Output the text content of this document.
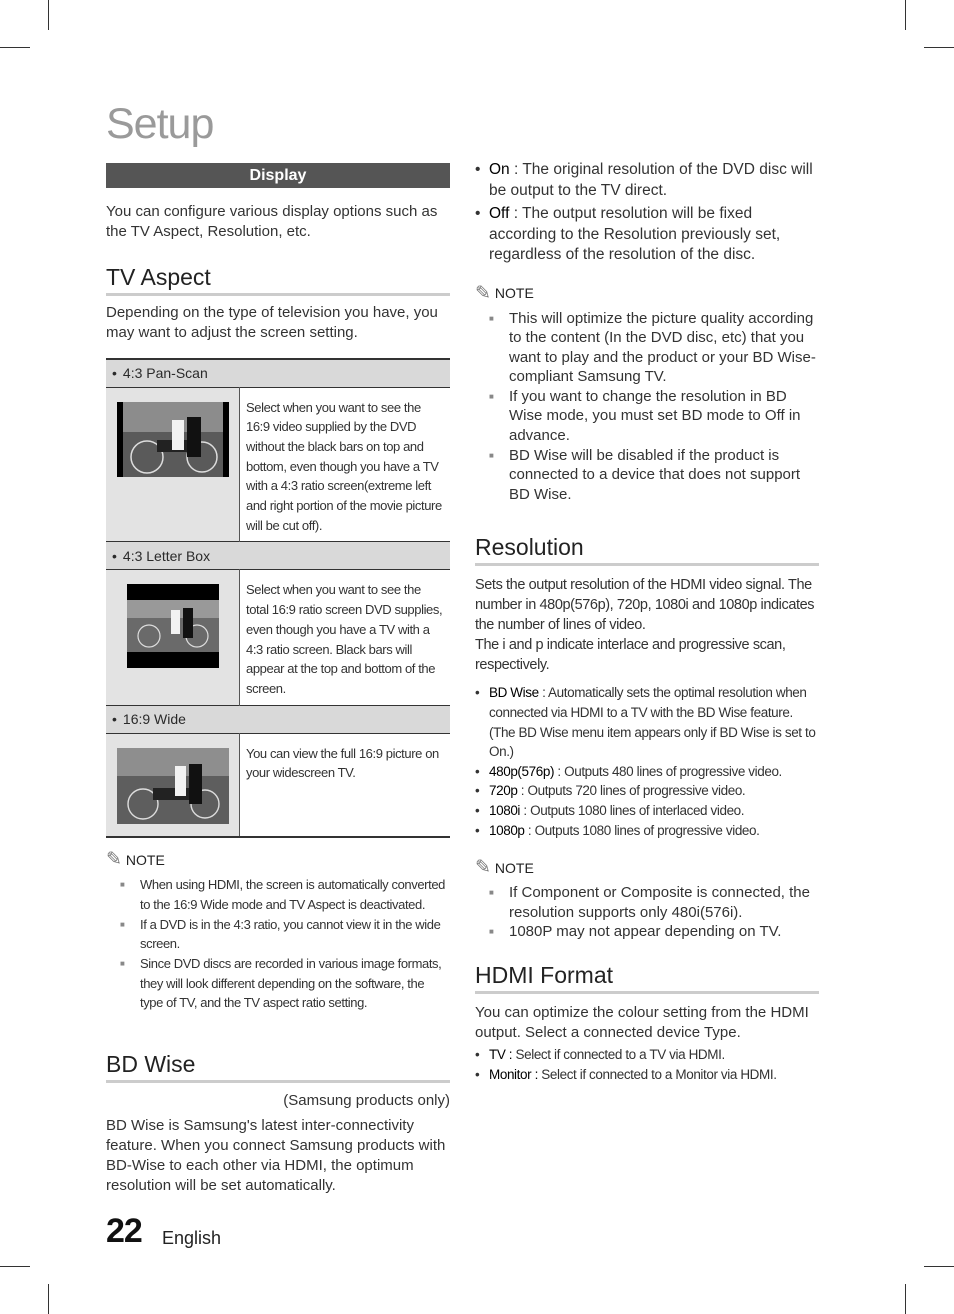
Setup
Display

You can configure various display options such as the TV Aspect, Resolution, etc.

TV Aspect

Depending on the type of television you have, you may want to adjust the screen setting.

• 4:3 Pan-Scan	

	Select when you want to see the 16:9 video supplied by the DVD without the black bars on top and bottom, even though you have a TV with a 4:3 ratio screen(extreme left and right portion of the movie picture will be cut off).
• 4:3 Letter Box	

	Select when you want to see the total 16:9 ratio screen DVD supplies, even though you have a TV with a 4:3 ratio screen. Black bars will appear at the top and bottom of the screen.
• 16:9 Wide	

	You can view the full 16:9 picture on your widescreen TV.
✎ NOTE
■ When using HDMI, the screen is automatically converted to the 16:9 Wide mode and TV Aspect is deactivated.
■ If a DVD is in the 4:3 ratio, you cannot view it in the wide screen.
■ Since DVD discs are recorded in various image formats, they will look different depending on the software, the type of TV, and the TV aspect ratio setting.
BD Wise

(Samsung products only)

BD Wise is Samsung's latest inter-connectivity feature. When you connect Samsung products with BD-Wise to each other via HDMI, the optimum resolution will be set automatically.

• On : The original resolution of the DVD disc will be output to the TV direct.
• Off : The output resolution will be fixed according to the Resolution previously set, regardless of the resolution of the disc.
✎ NOTE
■ This will optimize the picture quality according to the content (In the DVD disc, etc) that you want to play and the product or your BD Wise-compliant Samsung TV.
■ If you want to change the resolution in BD Wise mode, you must set BD mode to Off in advance.
■ BD Wise will be disabled if the product is connected to a device that does not support BD Wise.
Resolution

Sets the output resolution of the HDMI video signal. The number in 480p(576p), 720p, 1080i and 1080p indicates the number of lines of video.

The i and p indicate interlace and progressive scan, respectively.

• BD Wise : Automatically sets the optimal resolution when connected via HDMI to a TV with the BD Wise feature. (The BD Wise menu item appears only if BD Wise is set to On.)
• 480p(576p) : Outputs 480 lines of progressive video.
• 720p : Outputs 720 lines of progressive video.
• 1080i : Outputs 1080 lines of interlaced video.
• 1080p : Outputs 1080 lines of progressive video.
✎ NOTE
■ If Component or Composite is connected, the resolution supports only 480i(576i).
■ 1080P may not appear depending on TV.
HDMI Format

You can optimize the colour setting from the HDMI output. Select a connected device Type.

• TV : Select if connected to a TV via HDMI.
• Monitor : Select if connected to a Monitor via HDMI.
22 English
